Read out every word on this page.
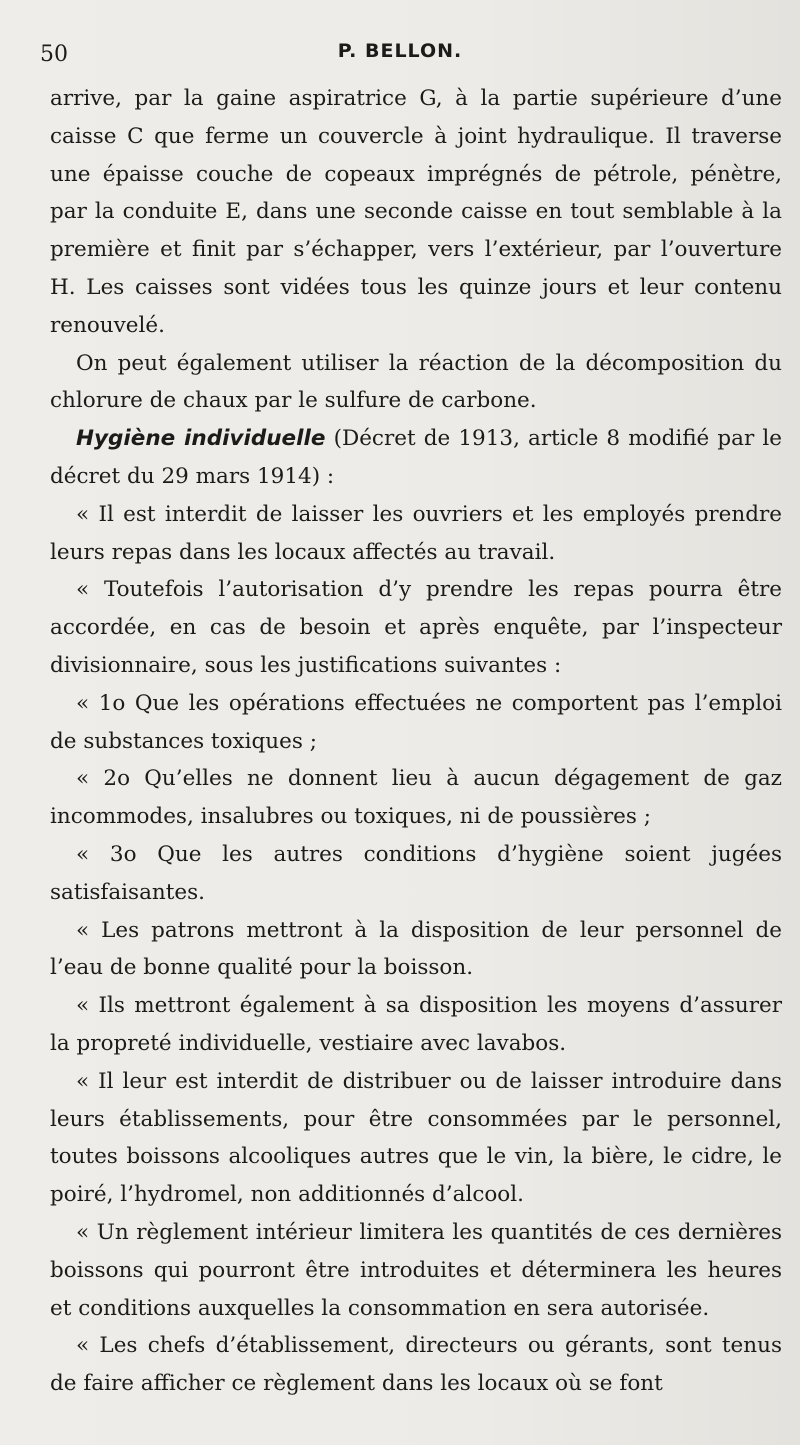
50	P. BELLON.

arrive, par la gaine aspiratrice G, à la partie supérieure d’une caisse C que ferme un couvercle à joint hydraulique. Il traverse une épaisse couche de copeaux imprégnés de pétrole, pénètre, par la conduite E, dans une seconde caisse en tout semblable à la première et finit par s’échapper, vers l’extérieur, par l’ouverture H. Les caisses sont vidées tous les quinze jours et leur contenu renouvelé.

On peut également utiliser la réaction de la décomposition du chlorure de chaux par le sulfure de carbone.

Hygiène individuelle (Décret de 1913, article 8 modifié par le décret du 29 mars 1914) :

« Il est interdit de laisser les ouvriers et les employés prendre leurs repas dans les locaux affectés au travail.

« Toutefois l’autorisation d’y prendre les repas pourra être accordée, en cas de besoin et après enquête, par l’inspecteur divisionnaire, sous les justifications suivantes :

« 1o Que les opérations effectuées ne comportent pas l’emploi de substances toxiques ;

« 2o Qu’elles ne donnent lieu à aucun dégagement de gaz incommodes, insalubres ou toxiques, ni de poussières ;

« 3o Que les autres conditions d’hygiène soient jugées satisfaisantes.

« Les patrons mettront à la disposition de leur personnel de l’eau de bonne qualité pour la boisson.

« Ils mettront également à sa disposition les moyens d’assurer la propreté individuelle, vestiaire avec lavabos.

« Il leur est interdit de distribuer ou de laisser introduire dans leurs établissements, pour être consommées par le personnel, toutes boissons alcooliques autres que le vin, la bière, le cidre, le poiré, l’hydromel, non additionnés d’alcool.

« Un règlement intérieur limitera les quantités de ces dernières boissons qui pourront être introduites et déterminera les heures et conditions auxquelles la consommation en sera autorisée.

« Les chefs d’établissement, directeurs ou gérants, sont tenus de faire afficher ce règlement dans les locaux où se font
